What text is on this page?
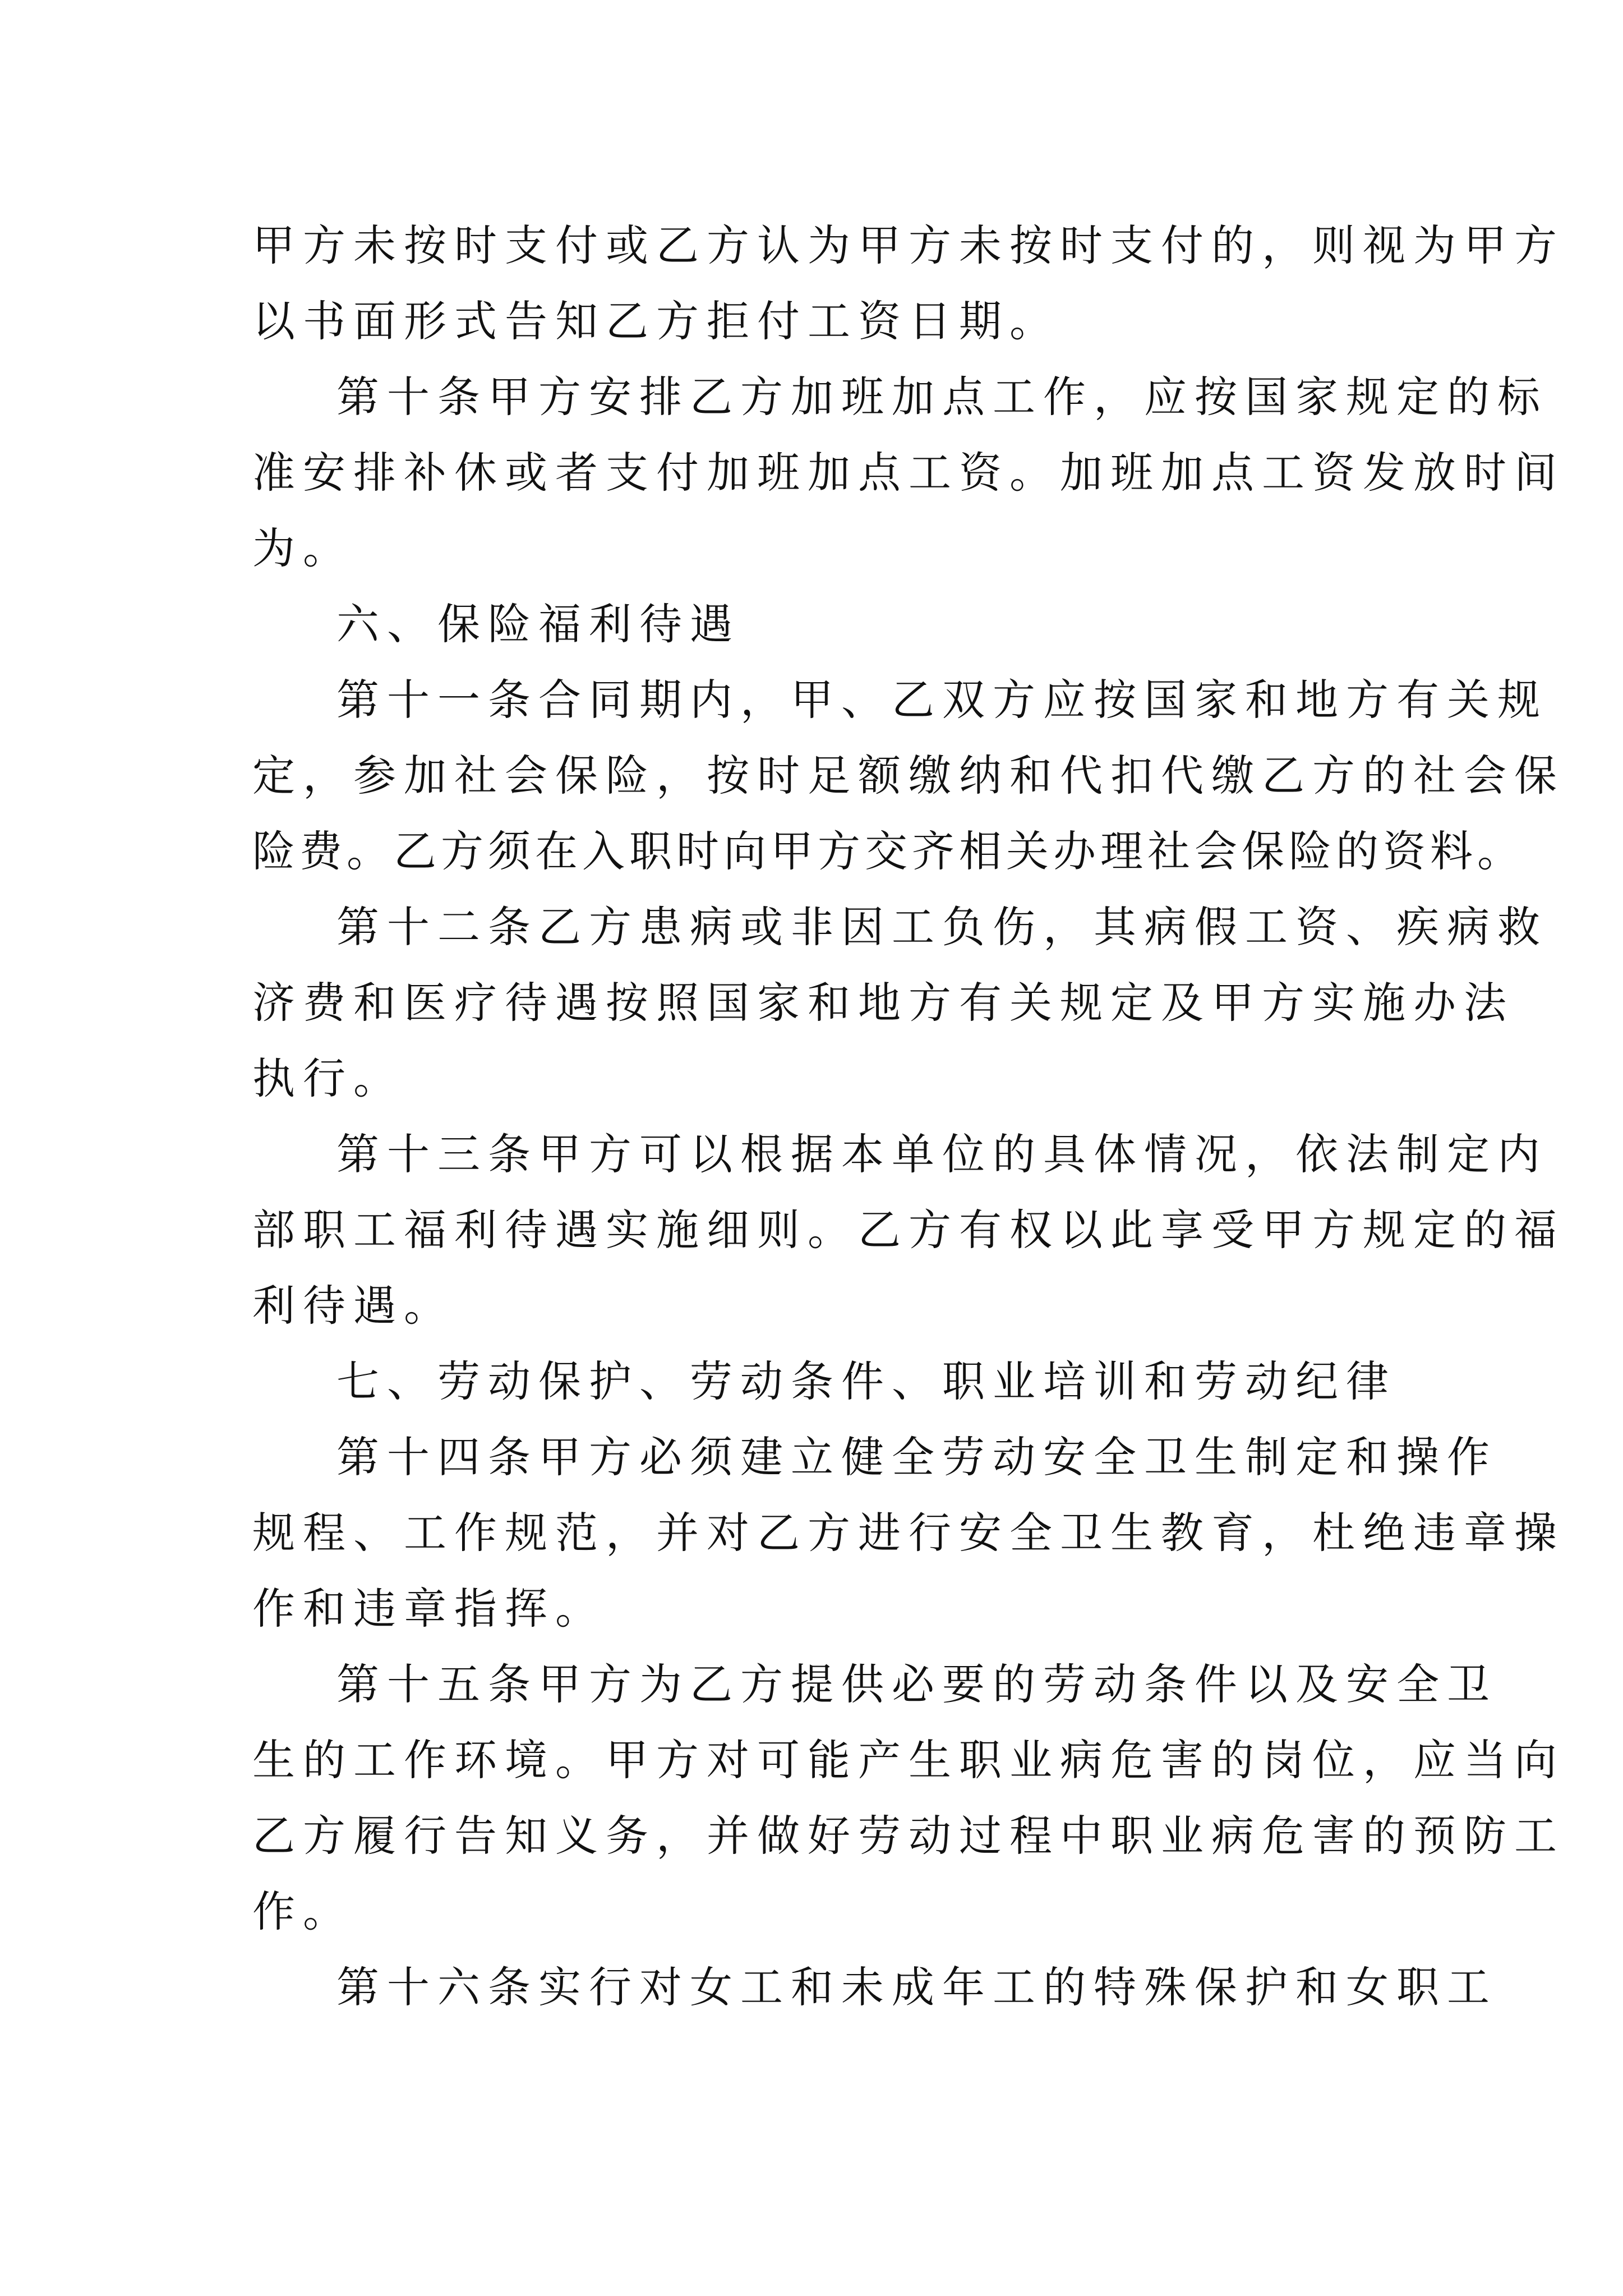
甲方未按时支付或乙方认为甲方未按时支付的，则视为甲方
以书面形式告知乙方拒付工资日期。
第十条甲方安排乙方加班加点工作，应按国家规定的标
准安排补休或者支付加班加点工资。加班加点工资发放时间
为。
六、保险福利待遇
第十一条合同期内，甲、乙双方应按国家和地方有关规
定，参加社会保险，按时足额缴纳和代扣代缴乙方的社会保
险费。乙方须在入职时向甲方交齐相关办理社会保险的资料。
第十二条乙方患病或非因工负伤，其病假工资、疾病救
济费和医疗待遇按照国家和地方有关规定及甲方实施办法
执行。
第十三条甲方可以根据本单位的具体情况，依法制定内
部职工福利待遇实施细则。乙方有权以此享受甲方规定的福
利待遇。
七、劳动保护、劳动条件、职业培训和劳动纪律
第十四条甲方必须建立健全劳动安全卫生制定和操作
规程、工作规范，并对乙方进行安全卫生教育，杜绝违章操
作和违章指挥。
第十五条甲方为乙方提供必要的劳动条件以及安全卫
生的工作环境。甲方对可能产生职业病危害的岗位，应当向
乙方履行告知义务，并做好劳动过程中职业病危害的预防工
作。
第十六条实行对女工和未成年工的特殊保护和女职工
